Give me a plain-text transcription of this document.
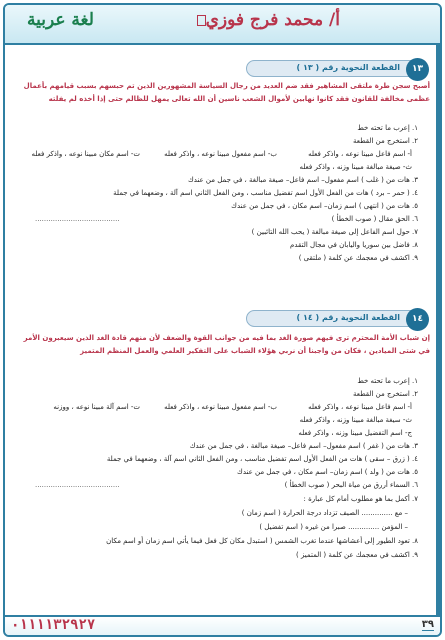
لغة عربية	أ/ محمد فرج فوزي
١٣
القطعة النحوية رقم ( ١٣ )
أصبح سجن طرة ملتقى المشاهير فقد ضم العديد من رجال السياسة المشهورين الذين تم حبسهم بسبب قيامهم بأعمال عظمى مخالفة للقانون فقد كانوا نهابين لأموال الشعب ناسين أن الله تعالى يمهل للظالم حتى إذا أخذه لم يفلته
١. إعرب ما تحته خط
٢. استخرج من القطعة
أ- اسم فاعل مبينا نوعه ، واذكر فعله
ب- اسم مفعول مبينا نوعه ، واذكر فعله
ت- اسم مكان مبينا نوعه ، واذكر فعله
ث- صيغة مبالغة مبينا وزنه ، واذكر فعله
٣. هات من ( غلب ) اسم مفعول– اسم فاعل– صيغة مبالغة ، في جمل من عندك
٤. ( حمر – برد ) هات من الفعل الأول اسم تفضيل مناسب ، ومن الفعل الثاني اسم آلة ، وضعهما في جملة
٥. هات من ( انتهى ) اسم زمان– اسم مكان ، في جمل من عندك
٦. الحق مقال ( صوب الخطأ )
......................................
٧. حول اسم الفاعل إلى صيغة مبالغة ( يحب الله التائبين )
٨. فاضل بين سوريا واليابان في مجال التقدم
٩. اكشف في معجمك عن كلمة ( ملتقى )
١٤
القطعة النحوية رقم ( ١٤ )
إن شباب الأمة المحترم ترى فيهم صورة الغد بما فيه من جوانب القوة والضعف لأن منهم قادة الغد الذين سيعبرون الأمر في شتى الميادين ، فكان من واجبنا أن نربي هؤلاء الشباب على التفكير العلمي والعمل المنظم المتميز
١. إعرب ما تحته خط
٢. استخرج من القطعة
أ- اسم فاعل مبينا نوعه ، واذكر فعله
ب- اسم مفعول مبينا نوعه ، واذكر فعله
ت- اسم آلة مبينا نوعه ، ووزنه
ث- سيغة مبالغة مبينا وزنه ، واذكر فعله
ج- اسم التفضيل مبينا وزنه ، واذكر فعله
٣. هات من ( غفر ) اسم مفعول– اسم فاعل– صيغة مبالغة ، في جمل من عندك
٤. ( زرق – سقى ) هات من الفعل الأول اسم تفضيل مناسب ، ومن الفعل الثاني اسم آلة ، وضعهما في جملة
٥. هات من ( ولد ) اسم زمان– اسم مكان ، في جمل من عندك
٦. السماء أررق من مياة البحر ( صوب الخطأ )
......................................
٧. أكمل بما هو مطلوب أمام كل عبارة :
– مع .............. الصيف تزداد درجة الحرارة ( اسم زمان )
– المؤمن .............. صبرا من غيره ( اسم تفضيل )
٨. تعود الطيور إلى أعشاشها عندما تغرب الشمس ( استبدل مكان كل فعل فيما يأتي اسم زمان أو اسم مكان
٩. اكشف في معجمك عن كلمة ( المتميز )
٠١١١١٣٢٩٢٧	٣٩
